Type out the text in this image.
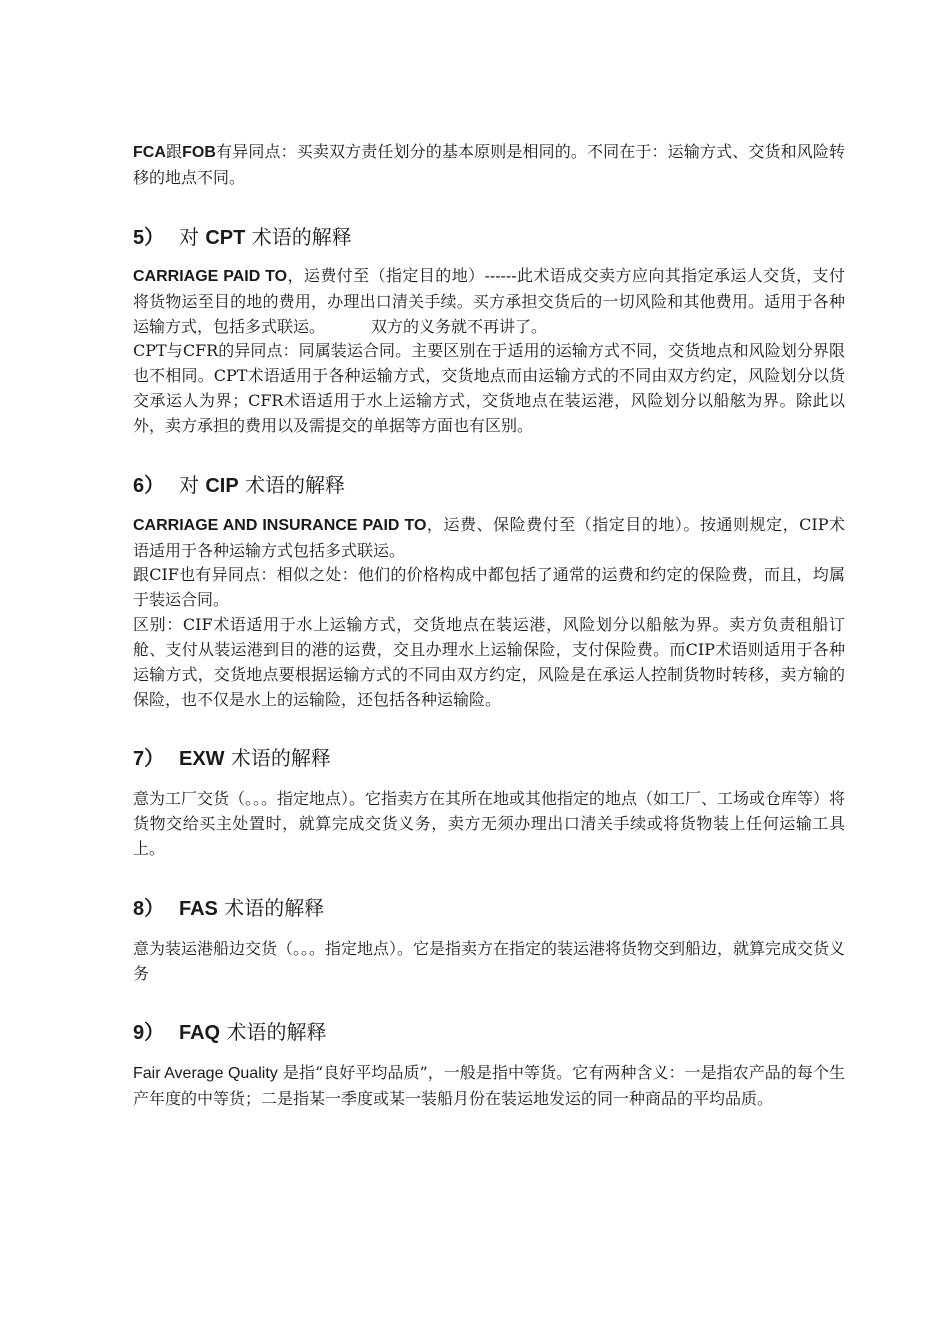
FCA跟FOB有异同点：买卖双方责任划分的基本原则是相同的。不同在于：运输方式、交货和风险转移的地点不同。

5） 对 CPT 术语的解释

CARRIAGE PAID TO，运费付至（指定目的地）------此术语成交卖方应向其指定承运人交货，支付将货物运至目的地的费用，办理出口清关手续。买方承担交货后的一切风险和其他费用。适用于各种运输方式，包括多式联运。	双方的义务就不再讲了。

CPT与CFR的异同点：同属装运合同。主要区别在于适用的运输方式不同，交货地点和风险划分界限也不相同。CPT术语适用于各种运输方式，交货地点而由运输方式的不同由双方约定，风险划分以货交承运人为界；CFR术语适用于水上运输方式，交货地点在装运港，风险划分以船舷为界。除此以外，卖方承担的费用以及需提交的单据等方面也有区别。

6） 对 CIP 术语的解释

CARRIAGE AND INSURANCE PAID TO，运费、保险费付至（指定目的地）。按通则规定，CIP术语适用于各种运输方式包括多式联运。

跟CIF也有异同点：相似之处：他们的价格构成中都包括了通常的运费和约定的保险费，而且，均属于装运合同。

区别：CIF术语适用于水上运输方式，交货地点在装运港，风险划分以船舷为界。卖方负责租船订舱、支付从装运港到目的港的运费，交且办理水上运输保险，支付保险费。而CIP术语则适用于各种运输方式，交货地点要根据运输方式的不同由双方约定，风险是在承运人控制货物时转移，卖方输的保险，也不仅是水上的运输险，还包括各种运输险。

7） EXW 术语的解释

意为工厂交货（。。。指定地点）。它指卖方在其所在地或其他指定的地点（如工厂、工场或仓库等）将货物交给买主处置时，就算完成交货义务，卖方无须办理出口清关手续或将货物装上任何运输工具上。

8） FAS 术语的解释

意为装运港船边交货（。。。指定地点）。它是指卖方在指定的装运港将货物交到船边，就算完成交货义务

9） FAQ 术语的解释

Fair Average Quality 是指“良好平均品质”，一般是指中等货。它有两种含义：一是指农产品的每个生产年度的中等货；二是指某一季度或某一装船月份在装运地发运的同一种商品的平均品质。
